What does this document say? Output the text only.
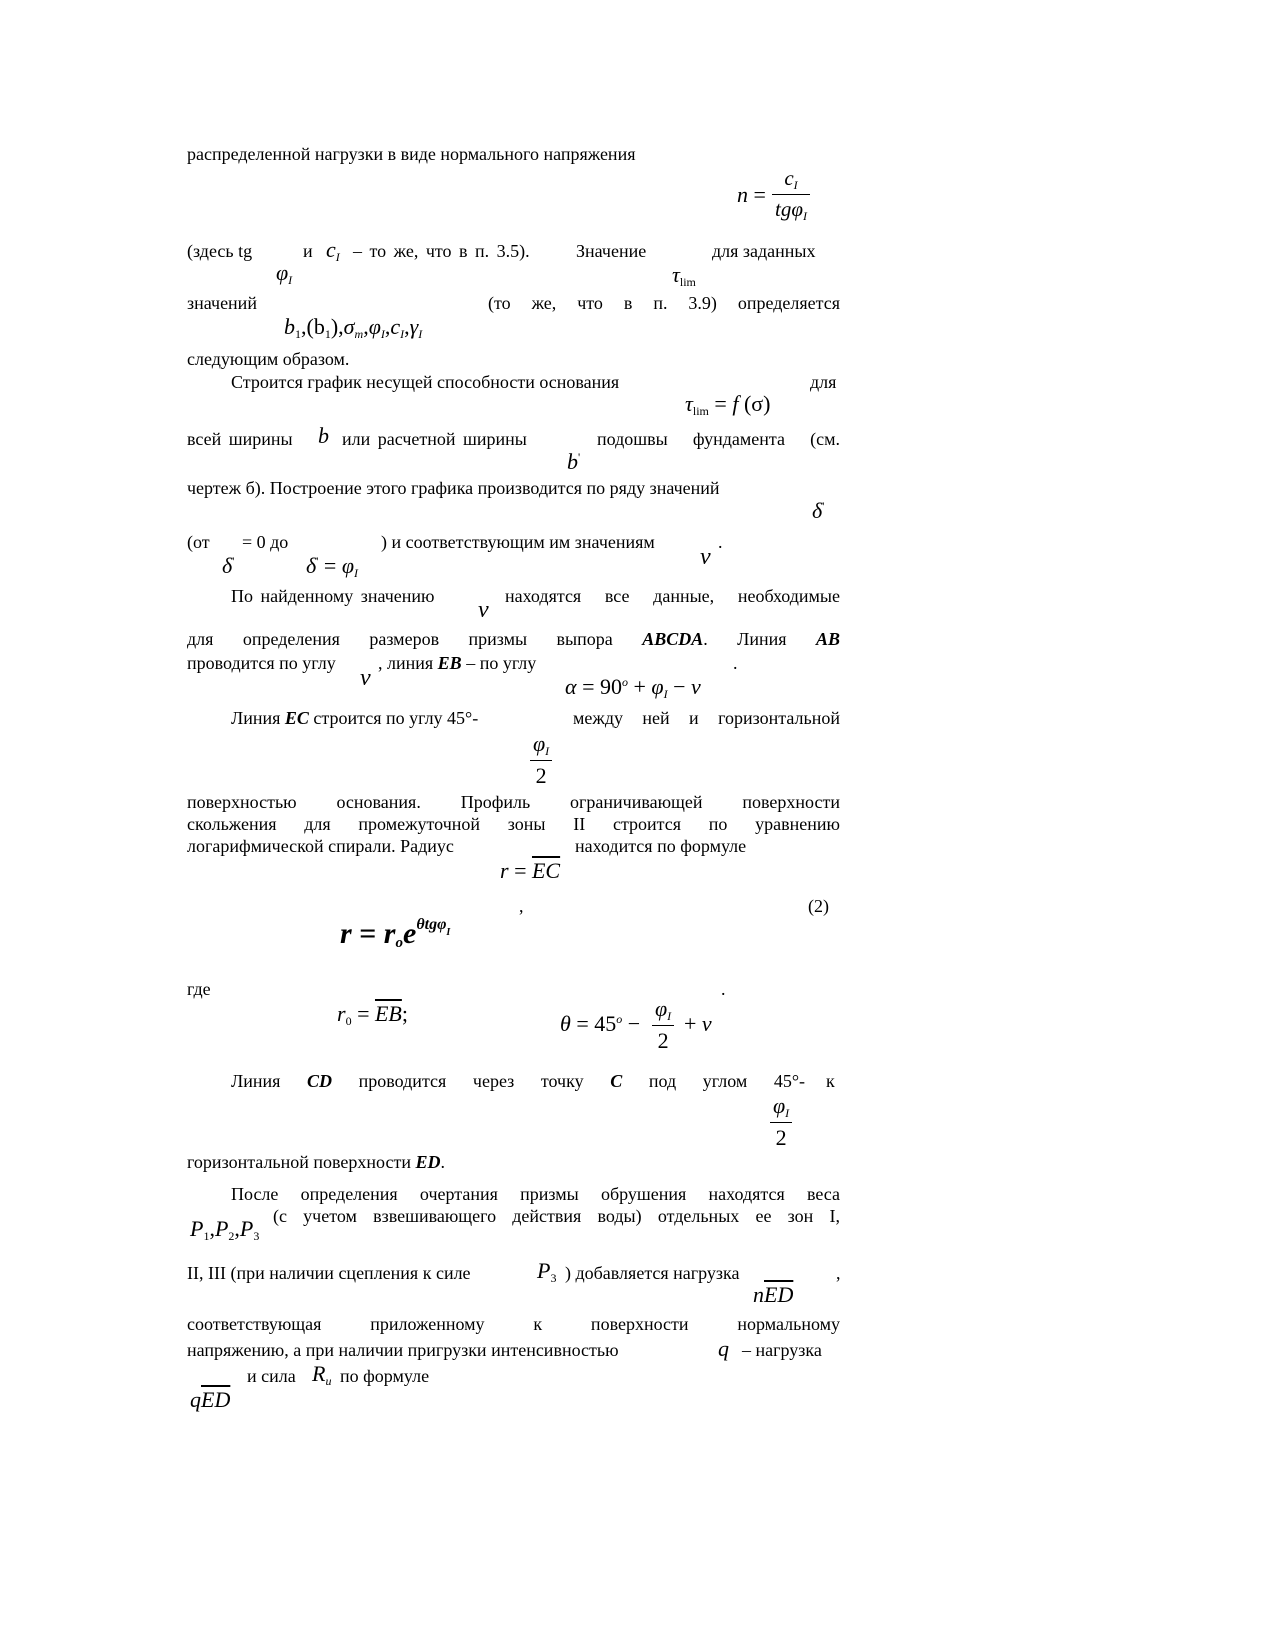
распределенной нагрузки в виде нормального напряжения
n =
$c_I$
tgφ$_I$
(здесь tg
$\varphi_I$
и $c_I$ – то же, что в п. 3.5).	Значение
$\tau_{lim}$
для заданных
значений
$b_1,(b_1),\sigma_m,\varphi_I,c_I,\gamma_I$
(то же, что в п. 3.9) определяется
следующим образом.
Строится график несущей способности основания
$\tau_{lim} = f$ (σ)
для
всей ширины b или расчетной ширины
b'
подошвы фундамента (см.
чертеж б). Построение этого графика производится по ряду значений
δ'
(от
δ'
= 0 до
$\delta' = \varphi_I$
) и соответствующим им значениям
ν
.
По найденному значению
ν
находятся все данные, необходимые
для определения размеров призмы выпора ABCDA. Линия AB
проводится по углу
ν
, линия EB – по углу
$\alpha = 90^o + \varphi_I - \nu$
.
Линия EC строится по углу 45°-
$\frac{\varphi_I}{2}$
между ней и горизонтальной
поверхностью основания. Профиль ограничивающей поверхности
скольжения для промежуточной зоны II строится по уравнению
логарифмической спирали. Радиус
$r = \overline{EC}$
находится по формуле
$r = r_oe^{\theta tg\varphi}_I$
,	(2)
где
$r_0 = \overline{EB}$;	$\theta = 45^o - \frac{\varphi_I}{2} + \nu$
.
Линия CD проводится через точку C под углом 45°-
$\frac{\varphi_I}{2}$
к
горизонтальной поверхности ED.
После определения очертания призмы обрушения находятся веса
$P_1,P_2,P_3$
(с учетом взвешивающего действия воды) отдельных ее зон I,
II, III (при наличии сцепления к силе	$P_3$ ) добавляется нагрузка
$n\overline{ED}$
,
соответствующая приложенному к поверхности нормальному
напряжению, а при наличии пригрузки интенсивностью	q – нагрузка
$q\overline{ED}$
и сила $R_u$ по формуле
